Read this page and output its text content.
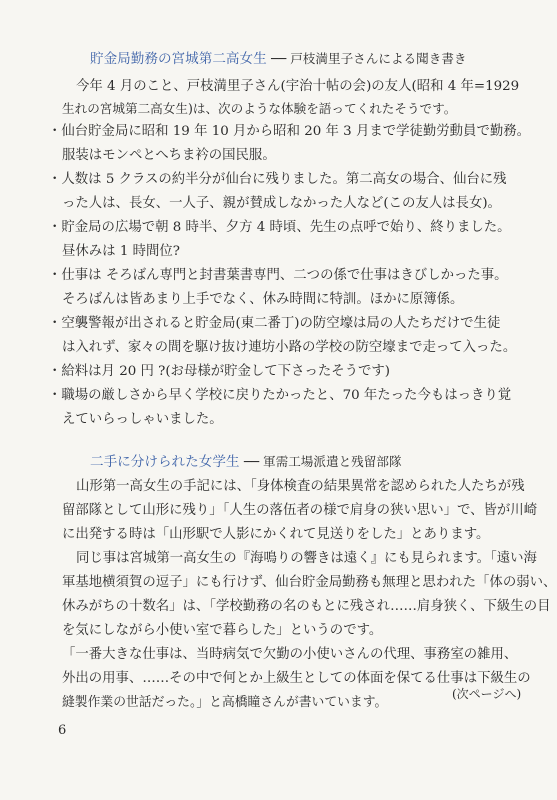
貯金局勤務の宮城第二高女生 ── 戸枝満里子さんによる聞き書き
今年 4 月のこと、戸枝満里子さん(宇治十帖の会)の友人(昭和 4 年=1929
生れの宮城第二高女生)は、次のような体験を語ってくれたそうです。
・仙台貯金局に昭和 19 年 10 月から昭和 20 年 3 月まで学徒勤労動員で勤務。
服装はモンペとへちま衿の国民服。
・人数は 5 クラスの約半分が仙台に残りました。第二高女の場合、仙台に残
った人は、長女、一人子、親が賛成しなかった人など(この友人は長女)。
・貯金局の広場で朝 8 時半、夕方 4 時頃、先生の点呼で始り、終りました。
昼休みは 1 時間位?
・仕事は そろばん専門と封書葉書専門、二つの係で仕事はきびしかった事。
そろばんは皆あまり上手でなく、休み時間に特訓。ほかに原簿係。
・空襲警報が出されると貯金局(東二番丁)の防空壕は局の人たちだけで生徒
は入れず、家々の間を駆け抜け連坊小路の学校の防空壕まで走って入った。
・給料は月 20 円 ?(お母様が貯金して下さったそうです)
・職場の厳しさから早く学校に戻りたかったと、70 年たった今もはっきり覚
えていらっしゃいました。
二手に分けられた女学生 ── 軍需工場派遣と残留部隊
山形第一高女生の手記には、「身体検査の結果異常を認められた人たちが残
留部隊として山形に残り」「人生の落伍者の様で肩身の狭い思い」で、皆が川崎
に出発する時は「山形駅で人影にかくれて見送りをした」とあります。
同じ事は宮城第一高女生の『海鳴りの響きは遠く』にも見られます。「遠い海
軍基地横須賀の逗子」にも行けず、仙台貯金局勤務も無理と思われた「体の弱い、
休みがちの十数名」は、「学校勤務の名のもとに残され……肩身狭く、下級生の目
を気にしながら小使い室で暮らした」というのです。
「一番大きな仕事は、当時病気で欠勤の小使いさんの代理、事務室の雑用、
外出の用事、……その中で何とか上級生としての体面を保てる仕事は下級生の
縫製作業の世話だった。」と高橋瞳さんが書いています。
(次ページへ)
6
